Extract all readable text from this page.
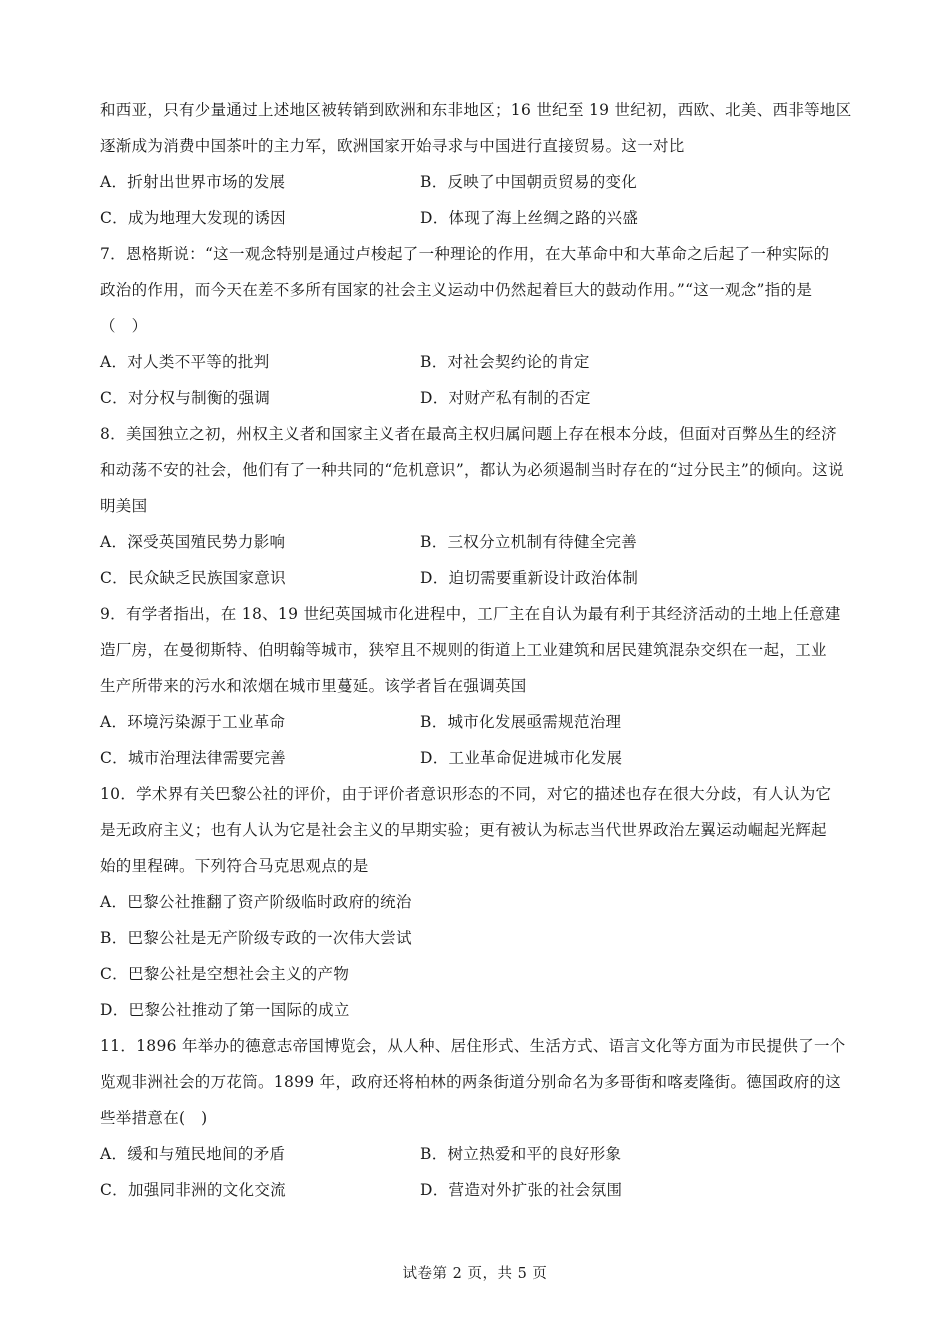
和西亚，只有少量通过上述地区被转销到欧洲和东非地区；16 世纪至 19 世纪初，西欧、北美、西非等地区
逐渐成为消费中国茶叶的主力军，欧洲国家开始寻求与中国进行直接贸易。这一对比
A．折射出世界市场的发展	B．反映了中国朝贡贸易的变化
C．成为地理大发现的诱因	D．体现了海上丝绸之路的兴盛
7．恩格斯说：“这一观念特别是通过卢梭起了一种理论的作用，在大革命中和大革命之后起了一种实际的
政治的作用，而今天在差不多所有国家的社会主义运动中仍然起着巨大的鼓动作用。”“这一观念”指的是
（　）
A．对人类不平等的批判	B．对社会契约论的肯定
C．对分权与制衡的强调	D．对财产私有制的否定
8．美国独立之初，州权主义者和国家主义者在最高主权归属问题上存在根本分歧，但面对百弊丛生的经济
和动荡不安的社会，他们有了一种共同的“危机意识”，都认为必须遏制当时存在的“过分民主”的倾向。这说
明美国
A．深受英国殖民势力影响	B．三权分立机制有待健全完善
C．民众缺乏民族国家意识	D．迫切需要重新设计政治体制
9．有学者指出，在 18、19 世纪英国城市化进程中，工厂主在自认为最有利于其经济活动的土地上任意建
造厂房，在曼彻斯特、伯明翰等城市，狭窄且不规则的街道上工业建筑和居民建筑混杂交织在一起，工业
生产所带来的污水和浓烟在城市里蔓延。该学者旨在强调英国
A．环境污染源于工业革命	B．城市化发展亟需规范治理
C．城市治理法律需要完善	D．工业革命促进城市化发展
10．学术界有关巴黎公社的评价，由于评价者意识形态的不同，对它的描述也存在很大分歧，有人认为它
是无政府主义；也有人认为它是社会主义的早期实验；更有被认为标志当代世界政治左翼运动崛起光辉起
始的里程碑。下列符合马克思观点的是
A．巴黎公社推翻了资产阶级临时政府的统治
B．巴黎公社是无产阶级专政的一次伟大尝试
C．巴黎公社是空想社会主义的产物
D．巴黎公社推动了第一国际的成立
11．1896 年举办的德意志帝国博览会，从人种、居住形式、生活方式、语言文化等方面为市民提供了一个
览观非洲社会的万花筒。1899 年，政府还将柏林的两条街道分别命名为多哥街和喀麦隆街。德国政府的这
些举措意在(　)
A．缓和与殖民地间的矛盾	B．树立热爱和平的良好形象
C．加强同非洲的文化交流	D．营造对外扩张的社会氛围
试卷第 2 页，共 5 页
